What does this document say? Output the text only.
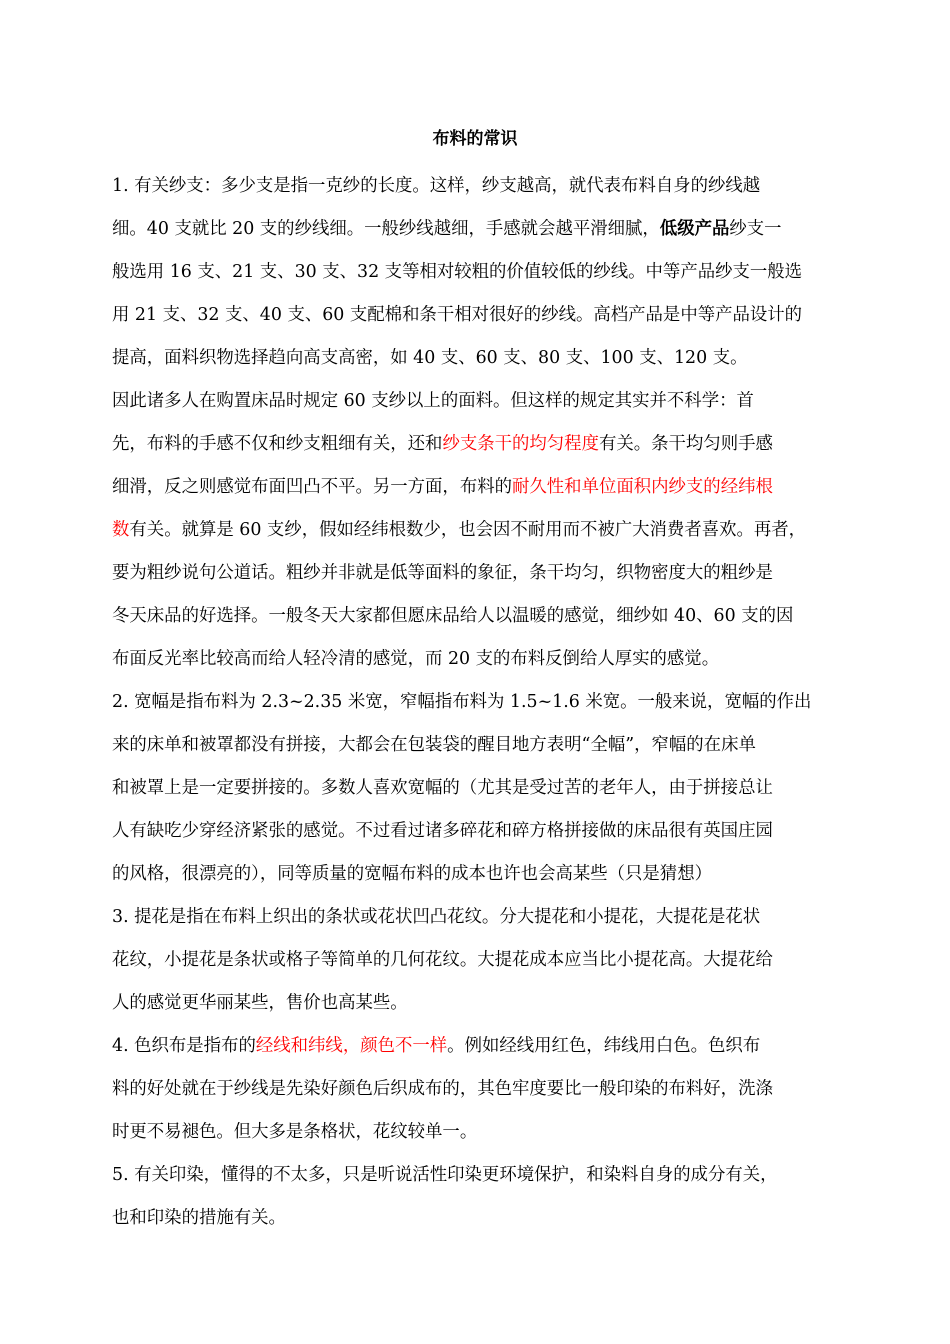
布料的常识
1. 有关纱支：多少支是指一克纱的长度。这样，纱支越高，就代表布料自身的纱线越
细。40 支就比 20 支的纱线细。一般纱线越细，手感就会越平滑细腻，低级产品纱支一
般选用 16 支、21 支、30 支、32 支等相对较粗的价值较低的纱线。中等产品纱支一般选
用 21 支、32 支、40 支、60 支配棉和条干相对很好的纱线。高档产品是中等产品设计的
提高，面料织物选择趋向高支高密，如 40 支、60 支、80 支、100 支、120 支。
因此诸多人在购置床品时规定 60 支纱以上的面料。但这样的规定其实并不科学：首
先，布料的手感不仅和纱支粗细有关，还和纱支条干的均匀程度有关。条干均匀则手感
细滑，反之则感觉布面凹凸不平。另一方面，布料的耐久性和单位面积内纱支的经纬根
数有关。就算是 60 支纱，假如经纬根数少，也会因不耐用而不被广大消费者喜欢。再者，
要为粗纱说句公道话。粗纱并非就是低等面料的象征，条干均匀，织物密度大的粗纱是
冬天床品的好选择。一般冬天大家都但愿床品给人以温暖的感觉，细纱如 40、60 支的因
布面反光率比较高而给人轻冷清的感觉，而 20 支的布料反倒给人厚实的感觉。
2. 宽幅是指布料为 2.3~2.35 米宽，窄幅指布料为 1.5~1.6 米宽。一般来说，宽幅的作出
来的床单和被罩都没有拼接，大都会在包装袋的醒目地方表明“全幅”，窄幅的在床单
和被罩上是一定要拼接的。多数人喜欢宽幅的（尤其是受过苦的老年人，由于拼接总让
人有缺吃少穿经济紧张的感觉。不过看过诸多碎花和碎方格拼接做的床品很有英国庄园
的风格，很漂亮的），同等质量的宽幅布料的成本也许也会高某些（只是猜想）
3. 提花是指在布料上织出的条状或花状凹凸花纹。分大提花和小提花，大提花是花状
花纹，小提花是条状或格子等简单的几何花纹。大提花成本应当比小提花高。大提花给
人的感觉更华丽某些，售价也高某些。
4. 色织布是指布的经线和纬线，颜色不一样。例如经线用红色，纬线用白色。色织布
料的好处就在于纱线是先染好颜色后织成布的，其色牢度要比一般印染的布料好，洗涤
时更不易褪色。但大多是条格状，花纹较单一。
5. 有关印染，懂得的不太多，只是听说活性印染更环境保护，和染料自身的成分有关，
也和印染的措施有关。
